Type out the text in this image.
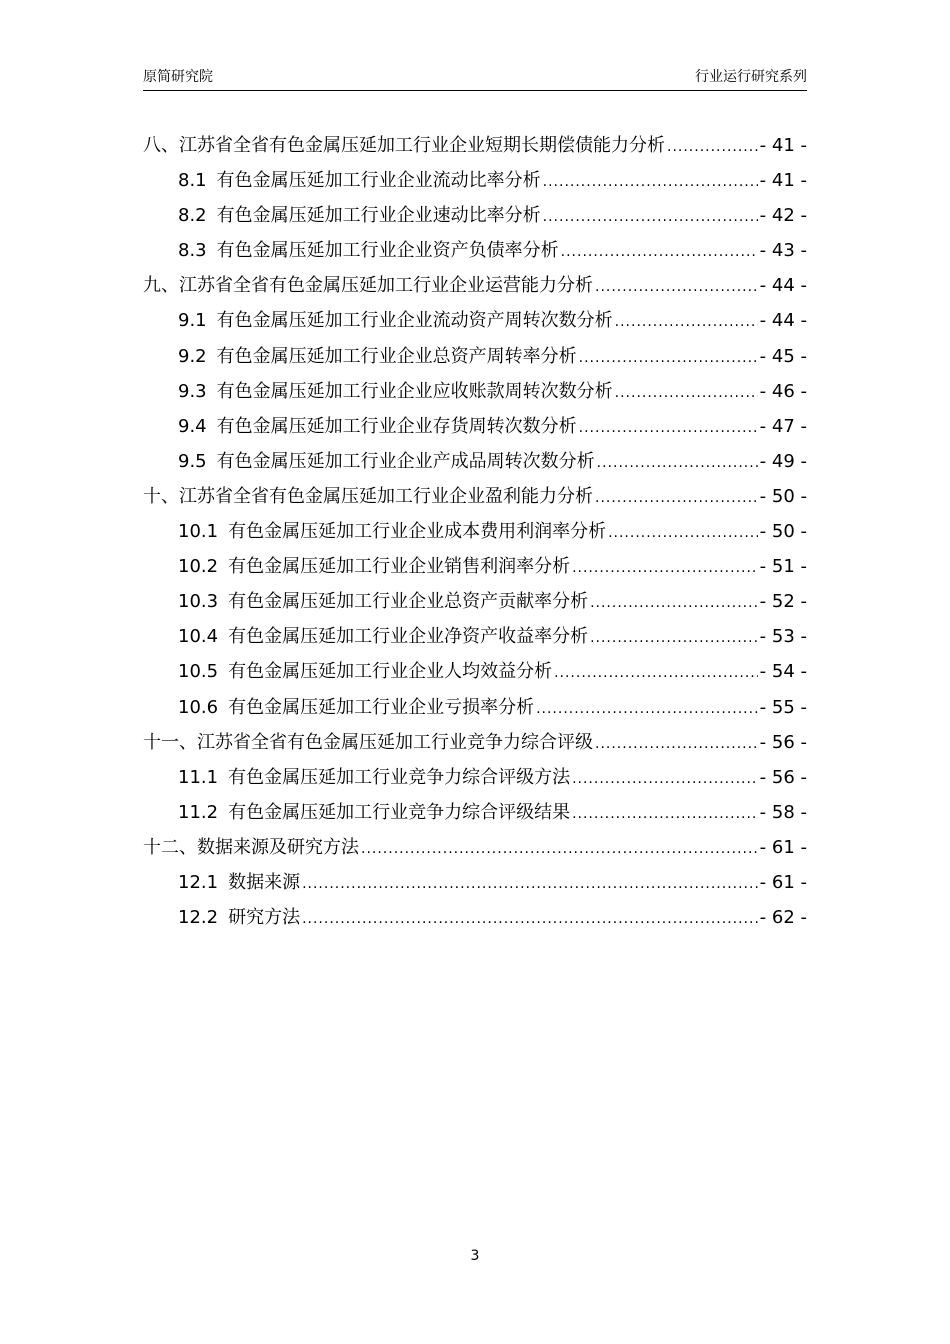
原简研究院	行业运行研究系列
八、江苏省全省有色金属压延加工行业企业短期长期偿债能力分析 .....	- 41 -
8.1 有色金属压延加工行业企业流动比率分析 .....	- 41 -
8.2 有色金属压延加工行业企业速动比率分析 .....	- 42 -
8.3 有色金属压延加工行业企业资产负债率分析 .....	- 43 -
九、江苏省全省有色金属压延加工行业企业运营能力分析 .....	- 44 -
9.1 有色金属压延加工行业企业流动资产周转次数分析 .....	- 44 -
9.2 有色金属压延加工行业企业总资产周转率分析 .....	- 45 -
9.3 有色金属压延加工行业企业应收账款周转次数分析 .....	- 46 -
9.4 有色金属压延加工行业企业存货周转次数分析 .....	- 47 -
9.5 有色金属压延加工行业企业产成品周转次数分析 .....	- 49 -
十、江苏省全省有色金属压延加工行业企业盈利能力分析 .....	- 50 -
10.1 有色金属压延加工行业企业成本费用利润率分析 .....	- 50 -
10.2 有色金属压延加工行业企业销售利润率分析 .....	- 51 -
10.3 有色金属压延加工行业企业总资产贡献率分析 .....	- 52 -
10.4 有色金属压延加工行业企业净资产收益率分析 .....	- 53 -
10.5 有色金属压延加工行业企业人均效益分析 .....	- 54 -
10.6 有色金属压延加工行业企业亏损率分析 .....	- 55 -
十一、江苏省全省有色金属压延加工行业竞争力综合评级 .....	- 56 -
11.1 有色金属压延加工行业竞争力综合评级方法 .....	- 56 -
11.2 有色金属压延加工行业竞争力综合评级结果 .....	- 58 -
十二、数据来源及研究方法 .....	- 61 -
12.1 数据来源 .....	- 61 -
12.2 研究方法 .....	- 62 -
3
